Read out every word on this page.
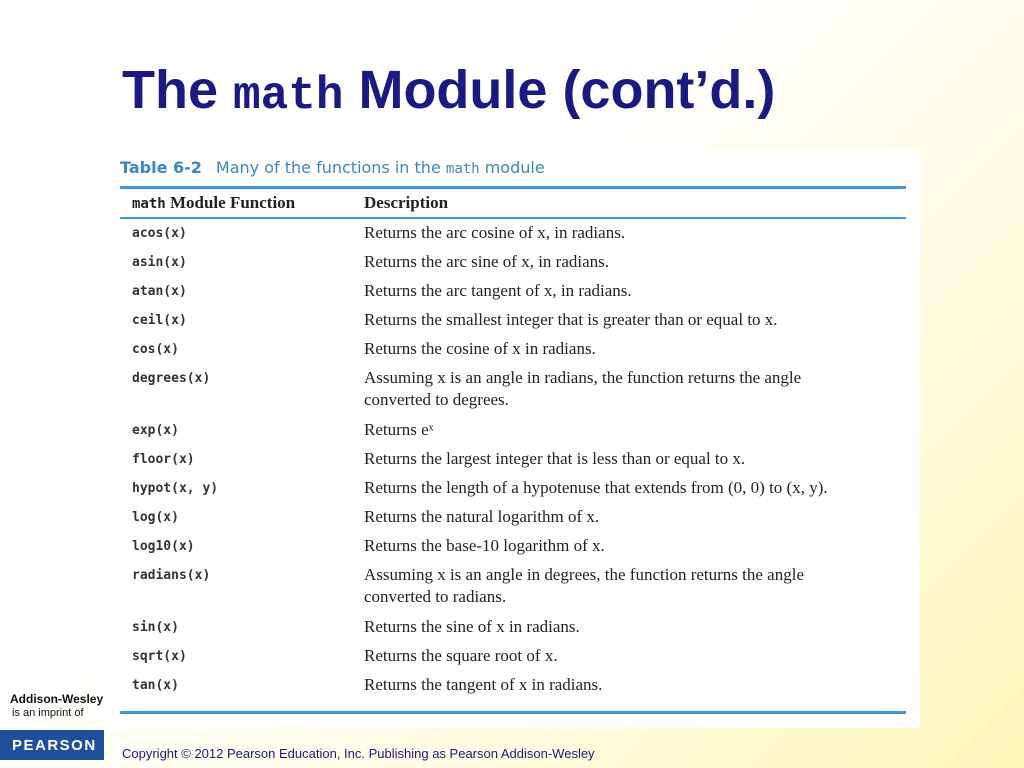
The math Module (cont’d.)
Table 6-2 Many of the functions in the math module
math Module Function	Description
acos(x)	Returns the arc cosine of x, in radians.
asin(x)	Returns the arc sine of x, in radians.
atan(x)	Returns the arc tangent of x, in radians.
ceil(x)	Returns the smallest integer that is greater than or equal to x.
cos(x)	Returns the cosine of x in radians.
degrees(x)	Assuming x is an angle in radians, the function returns the angle
converted to degrees.
exp(x)	Returns eˣ
floor(x)	Returns the largest integer that is less than or equal to x.
hypot(x, y)	Returns the length of a hypotenuse that extends from (0, 0) to (x, y).
log(x)	Returns the natural logarithm of x.
log10(x)	Returns the base-10 logarithm of x.
radians(x)	Assuming x is an angle in degrees, the function returns the angle
converted to radians.
sin(x)	Returns the sine of x in radians.
sqrt(x)	Returns the square root of x.
tan(x)	Returns the tangent of x in radians.
Addison-Wesley
is an imprint of
PEARSON Copyright © 2012 Pearson Education, Inc. Publishing as Pearson Addison-Wesley
